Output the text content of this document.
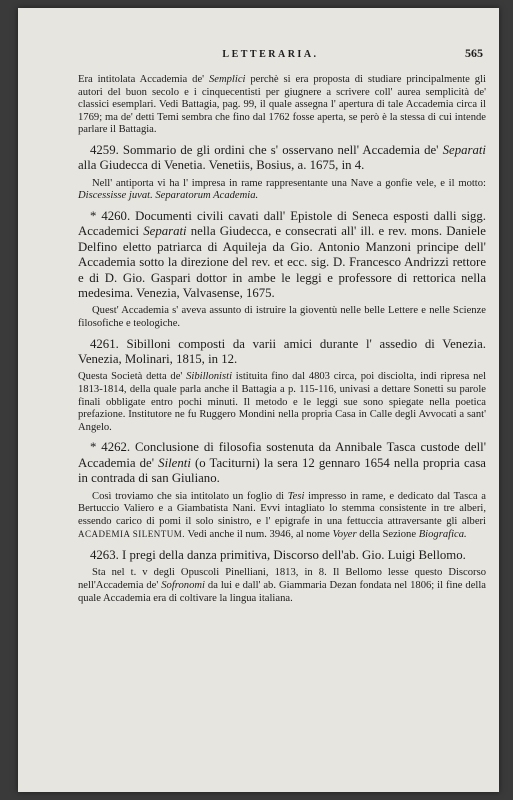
LETTERARIA.	565

Era intitolata Accademia de' Semplici perchè si era proposta di studiare principalmente gli autori del buon secolo e i cinquecentisti per giugnere a scrivere coll' aurea semplicità de' classici esemplari. Vedi Battagia, pag. 99, il quale assegna l' apertura di tale Accademia circa il 1769; ma de' detti Temi sembra che fino dal 1762 fosse aperta, se però è la stessa di cui intende parlare il Battagia.

4259. Sommario de gli ordini che s' osservano nell' Accademia de' Separati alla Giudecca di Venetia. Venetiis, Bosius, a. 1675, in 4.

Nell' antiporta vi ha l' impresa in rame rappresentante una Nave a gonfie vele, e il motto: Discessisse juvat. Separatorum Academia.

* 4260. Documenti civili cavati dall' Epistole di Seneca esposti dalli sigg. Accademici Separati nella Giudecca, e consecrati all' ill. e rev. mons. Daniele Delfino eletto patriarca di Aquileja da Gio. Antonio Manzoni principe dell' Accademia sotto la direzione del rev. et ecc. sig. D. Francesco Andrizzi rettore e di D. Gio. Gaspari dottor in ambe le leggi e professore di rettorica nella medesima. Venezia, Valvasense, 1675.

Quest' Accademia s' aveva assunto di istruire la gioventù nelle belle Lettere e nelle Scienze filosofiche e teologiche.

4261. Sibilloni composti da varii amici durante l' assedio di Venezia. Venezia, Molinari, 1815, in 12.

Questa Società detta de' Sibillonisti istituita fino dal 4803 circa, poi disciolta, indi ripresa nel 1813-1814, della quale parla anche il Battagia a p. 115-116, univasi a dettare Sonetti su parole finali obbligate entro pochi minuti. Il metodo e le leggi sue sono spiegate nella poetica prefazione. Institutore ne fu Ruggero Mondini nella propria Casa in Calle degli Avvocati a sant' Angelo.

* 4262. Conclusione di filosofia sostenuta da Annibale Tasca custode dell' Accademia de' Silenti (o Taciturni) la sera 12 gennaro 1654 nella propria casa in contrada di san Giuliano.

Così troviamo che sia intitolato un foglio di Tesi impresso in rame, e dedicato dal Tasca a Bertuccio Valiero e a Giambatista Nani. Evvi intagliato lo stemma consistente in tre alberi, essendo carico di pomi il solo sinistro, e l' epigrafe in una fettuccia attraversante gli alberi ACADEMIA SILENTUM. Vedi anche il num. 3946, al nome Voyer della Sezione Biografica.

4263. I pregi della danza primitiva, Discorso dell'ab. Gio. Luigi Bellomo.

Sta nel t. v degli Opuscoli Pinelliani, 1813, in 8. Il Bellomo lesse questo Discorso nell'Accademia de' Sofronomi da lui e dall' ab. Giammaria Dezan fondata nel 1806; il fine della quale Accademia era di coltivare la lingua italiana.
